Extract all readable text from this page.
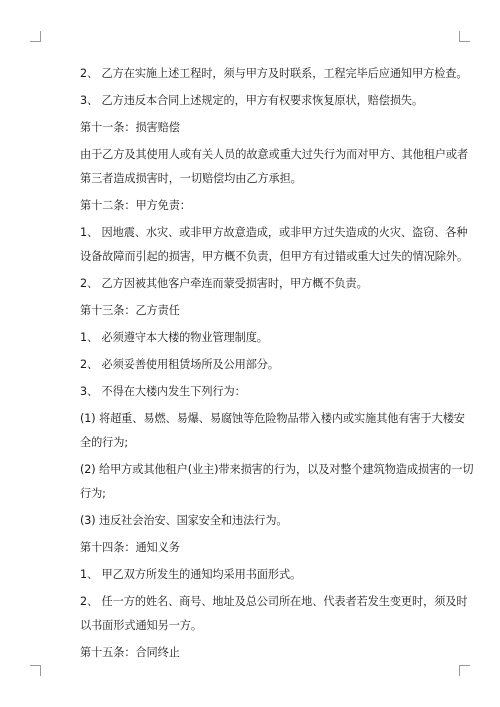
2、 乙方在实施上述工程时，须与甲方及时联系，工程完毕后应通知甲方检查。
3、 乙方违反本合同上述规定的，甲方有权要求恢复原状，赔偿损失。
第十一条：损害赔偿
由于乙方及其使用人或有关人员的故意或重大过失行为而对甲方、其他租户或者
第三者造成损害时，一切赔偿均由乙方承担。
第十二条：甲方免责：
1、 因地震、水灾、或非甲方故意造成，或非甲方过失造成的火灾、盗窃、各种
设备故障而引起的损害，甲方概不负责，但甲方有过错或重大过失的情况除外。
2、 乙方因被其他客户牵连而蒙受损害时，甲方概不负责。
第十三条：乙方责任
1、 必须遵守本大楼的物业管理制度。
2、 必须妥善使用租赁场所及公用部分。
3、 不得在大楼内发生下列行为：
(1) 将超重、易燃、易爆、易腐蚀等危险物品带入楼内或实施其他有害于大楼安
全的行为;
(2) 给甲方或其他租户(业主)带来损害的行为，以及对整个建筑物造成损害的一切
行为;
(3) 违反社会治安、国家安全和违法行为。
第十四条：通知义务
1、 甲乙双方所发生的通知均采用书面形式。
2、 任一方的姓名、商号、地址及总公司所在地、代表者若发生变更时，须及时
以书面形式通知另一方。
第十五条：合同终止
